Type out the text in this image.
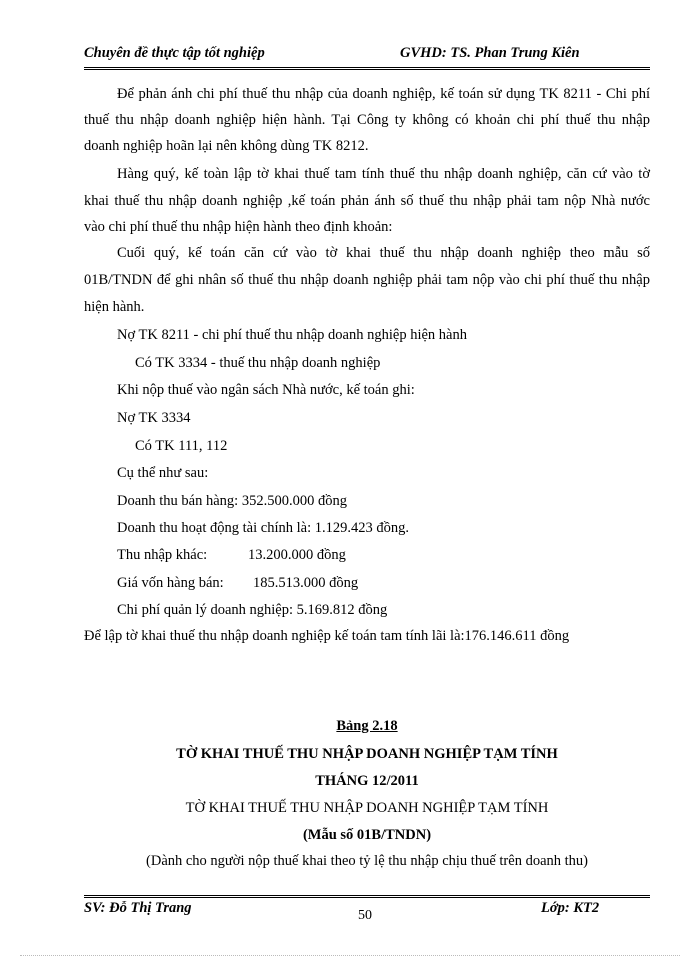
Chuyên đề thực tập tốt nghiệp	GVHD: TS. Phan Trung Kiên
Để phản ánh chi phí thuế thu nhập của doanh nghiệp, kế toán sử dụng TK 8211 - Chi phí
thuế thu nhập doanh nghiệp hiện hành. Tại Công ty không có khoản chi phí thuế thu nhập
doanh nghiệp hoãn lại nên không dùng TK 8212.
Hàng quý, kế toàn lập tờ khai thuế tam tính thuế thu nhập doanh nghiệp, căn cứ vào tờ
khai thuế thu nhập doanh nghiệp ,kế toán phản ánh số thuế thu nhập phải tam nộp Nhà nước
vào chi phí thuế thu nhập hiện hành theo định khoản:
Cuối quý, kế toán căn cứ vào tờ khai thuế thu nhập doanh nghiệp theo mẫu số
01B/TNDN để ghi nhân số thuế thu nhập doanh nghiệp phải tam nộp vào chi phí thuế thu nhập
hiện hành.
Nợ TK 8211 - chi phí thuế thu nhập doanh nghiệp hiện hành
Có TK 3334 - thuế thu nhập doanh nghiệp
Khi nộp thuế vào ngân sách Nhà nước, kế toán ghi:
Nợ TK 3334
Có TK 111, 112
Cụ thể như sau:
Doanh thu bán hàng: 352.500.000 đồng
Doanh thu hoạt động tài chính là: 1.129.423 đồng.
Thu nhập khác:	13.200.000 đồng
Giá vốn hàng bán: 185.513.000 đồng
Chi phí quản lý doanh nghiệp: 5.169.812 đồng
Để lập tờ khai thuế thu nhập doanh nghiệp kế toán tam tính lãi là:176.146.611 đồng
Bảng 2.18
TỜ KHAI THUẾ THU NHẬP DOANH NGHIỆP TẠM TÍNH
THÁNG 12/2011
TỜ KHAI THUẾ THU NHẬP DOANH NGHIỆP TẠM TÍNH
(Mẫu số 01B/TNDN)
(Dành cho người nộp thuế khai theo tỷ lệ thu nhập chịu thuế trên doanh thu)
SV: Đỗ Thị Trang	Lớp: KT2
50
